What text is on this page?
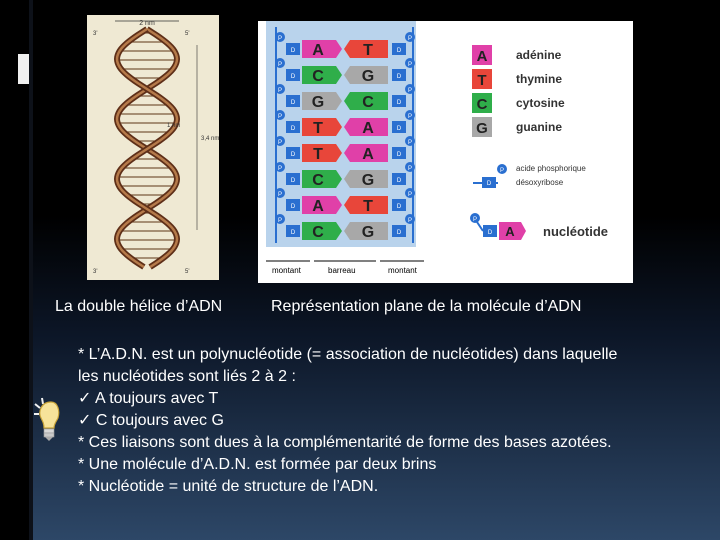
2 nm
3,4 nm
1 nm
3'	5'
3'	5'
P	P
D	D
A T
P	P
D	D
C G
P	P
D	D
G C
P	P
D	D
T A
P	P
D	D
T A
P	P
D	D
C G
P	P
D	D
A T
P	P
D	D
C G
montant	barreau	montant
A adénine
T thymine
C cytosine
G guanine
P
D
acide phosphorique
désoxyribose
P
D A nucléotide
La double hélice d’ADN	Représentation plane de la molécule d’ADN
* L’A.D.N. est un polynucléotide (= association de nucléotides) dans laquelle
les nucléotides sont liés 2 à 2 :
✓ A toujours avec T
✓ C toujours avec G
* Ces liaisons sont dues à la complémentarité de forme des bases azotées.
* Une molécule d’A.D.N. est formée par deux brins
* Nucléotide = unité de structure de l’ADN.
